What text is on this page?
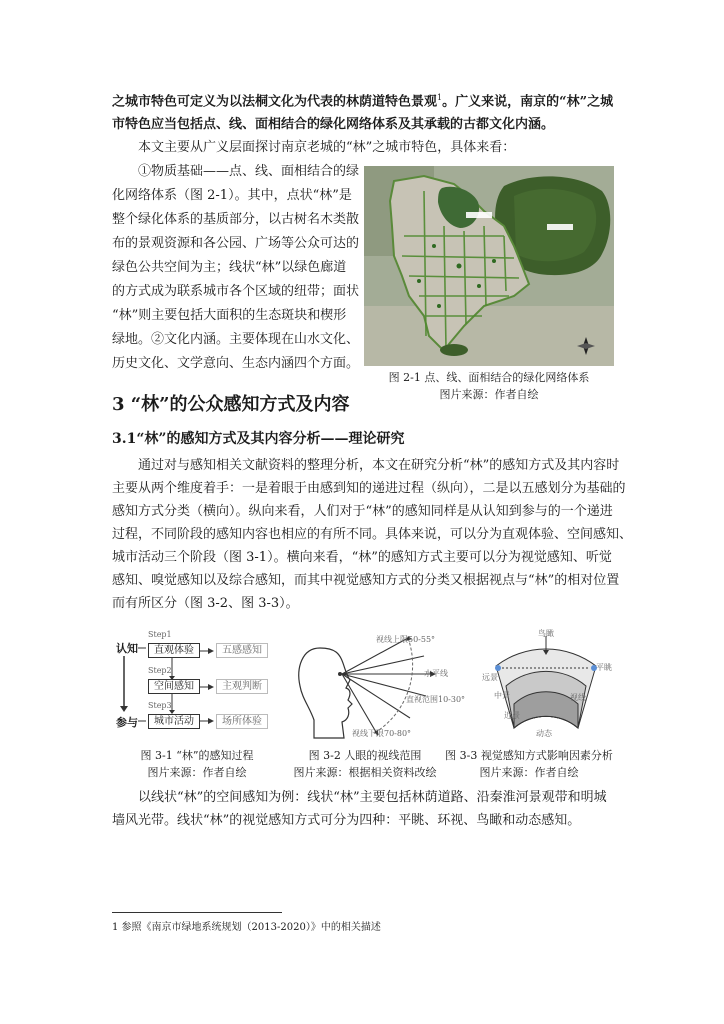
之城市特色可定义为以法桐文化为代表的林荫道特色景观$^1$。广义来说，南京的“林”之城
市特色应当包括点、线、面相结合的绿化网络体系及其承载的古都文化内涵。
本文主要从广义层面探讨南京老城的“林”之城市特色，具体来看：
①物质基础——点、线、面相结合的绿
化网络体系（图 2-1）。其中，点状“林”是
整个绿化体系的基质部分，以古树名木类散
布的景观资源和各公园、广场等公众可达的
绿色公共空间为主；线状“林”以绿色廊道
的方式成为联系城市各个区域的纽带；面状
“林”则主要包括大面积的生态斑块和楔形
绿地。②文化内涵。主要体现在山水文化、
历史文化、文学意向、生态内涵四个方面。
图 2-1 点、线、面相结合的绿化网络体系
图片来源：作者自绘
3 “林”的公众感知方式及内容
3.1“林”的感知方式及其内容分析——理论研究
通过对与感知相关文献资料的整理分析，本文在研究分析“林”的感知方式及其内容时
主要从两个维度着手：一是着眼于由感到知的递进过程（纵向），二是以五感划分为基础的
感知方式分类（横向）。纵向来看，人们对于“林”的感知同样是从认知到参与的一个递进
过程，不同阶段的感知内容也相应的有所不同。具体来说，可以分为直观体验、空间感知、
城市活动三个阶段（图 3-1）。横向来看，“林”的感知方式主要可以分为视觉感知、听觉
感知、嗅觉感知以及综合感知，而其中视觉感知方式的分类又根据视点与“林”的相对位置
而有所区分（图 3-2、图 3-3）。
认知
参与
Step1
Step2
Step3
直观体验
空间感知
城市活动
五感感知
主观判断
场所体验
视线上限50-55°
水平线
直视范围10-30°
视线下限70-80°
鸟瞰
远景
中景
近景
视线
平眺
动态
图 3-1 “林”的感知过程
图片来源：作者自绘
图 3-2 人眼的视线范围
图片来源：根据相关资料改绘
图 3-3 视觉感知方式影响因素分析
图片来源：作者自绘
以线状“林”的空间感知为例：线状“林”主要包括林荫道路、沿秦淮河景观带和明城
墙风光带。线状“林”的视觉感知方式可分为四种：平眺、环视、鸟瞰和动态感知。
1 参照《南京市绿地系统规划（2013-2020）》中的相关描述
